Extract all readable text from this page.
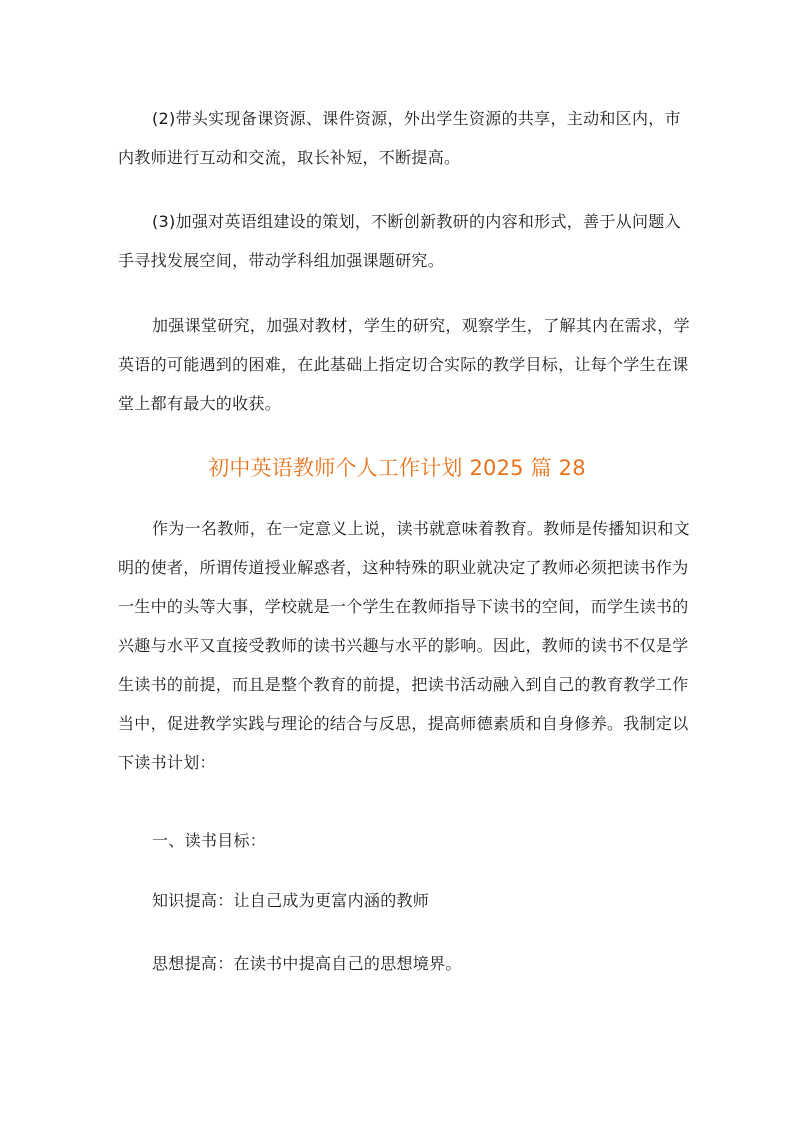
(2)带头实现备课资源、课件资源，外出学生资源的共享，主动和区内，市
内教师进行互动和交流，取长补短，不断提高。
(3)加强对英语组建设的策划，不断创新教研的内容和形式，善于从问题入
手寻找发展空间，带动学科组加强课题研究。
加强课堂研究，加强对教材，学生的研究，观察学生，了解其内在需求，学
英语的可能遇到的困难，在此基础上指定切合实际的教学目标，让每个学生在课
堂上都有最大的收获。
初中英语教师个人工作计划 2025 篇 28
作为一名教师，在一定意义上说，读书就意味着教育。教师是传播知识和文
明的使者，所谓传道授业解惑者，这种特殊的职业就决定了教师必须把读书作为
一生中的头等大事，学校就是一个学生在教师指导下读书的空间，而学生读书的
兴趣与水平又直接受教师的读书兴趣与水平的影响。因此，教师的读书不仅是学
生读书的前提，而且是整个教育的前提，把读书活动融入到自己的教育教学工作
当中，促进教学实践与理论的结合与反思，提高师德素质和自身修养。我制定以
下读书计划：
一、读书目标：
知识提高：让自己成为更富内涵的教师
思想提高：在读书中提高自己的思想境界。
